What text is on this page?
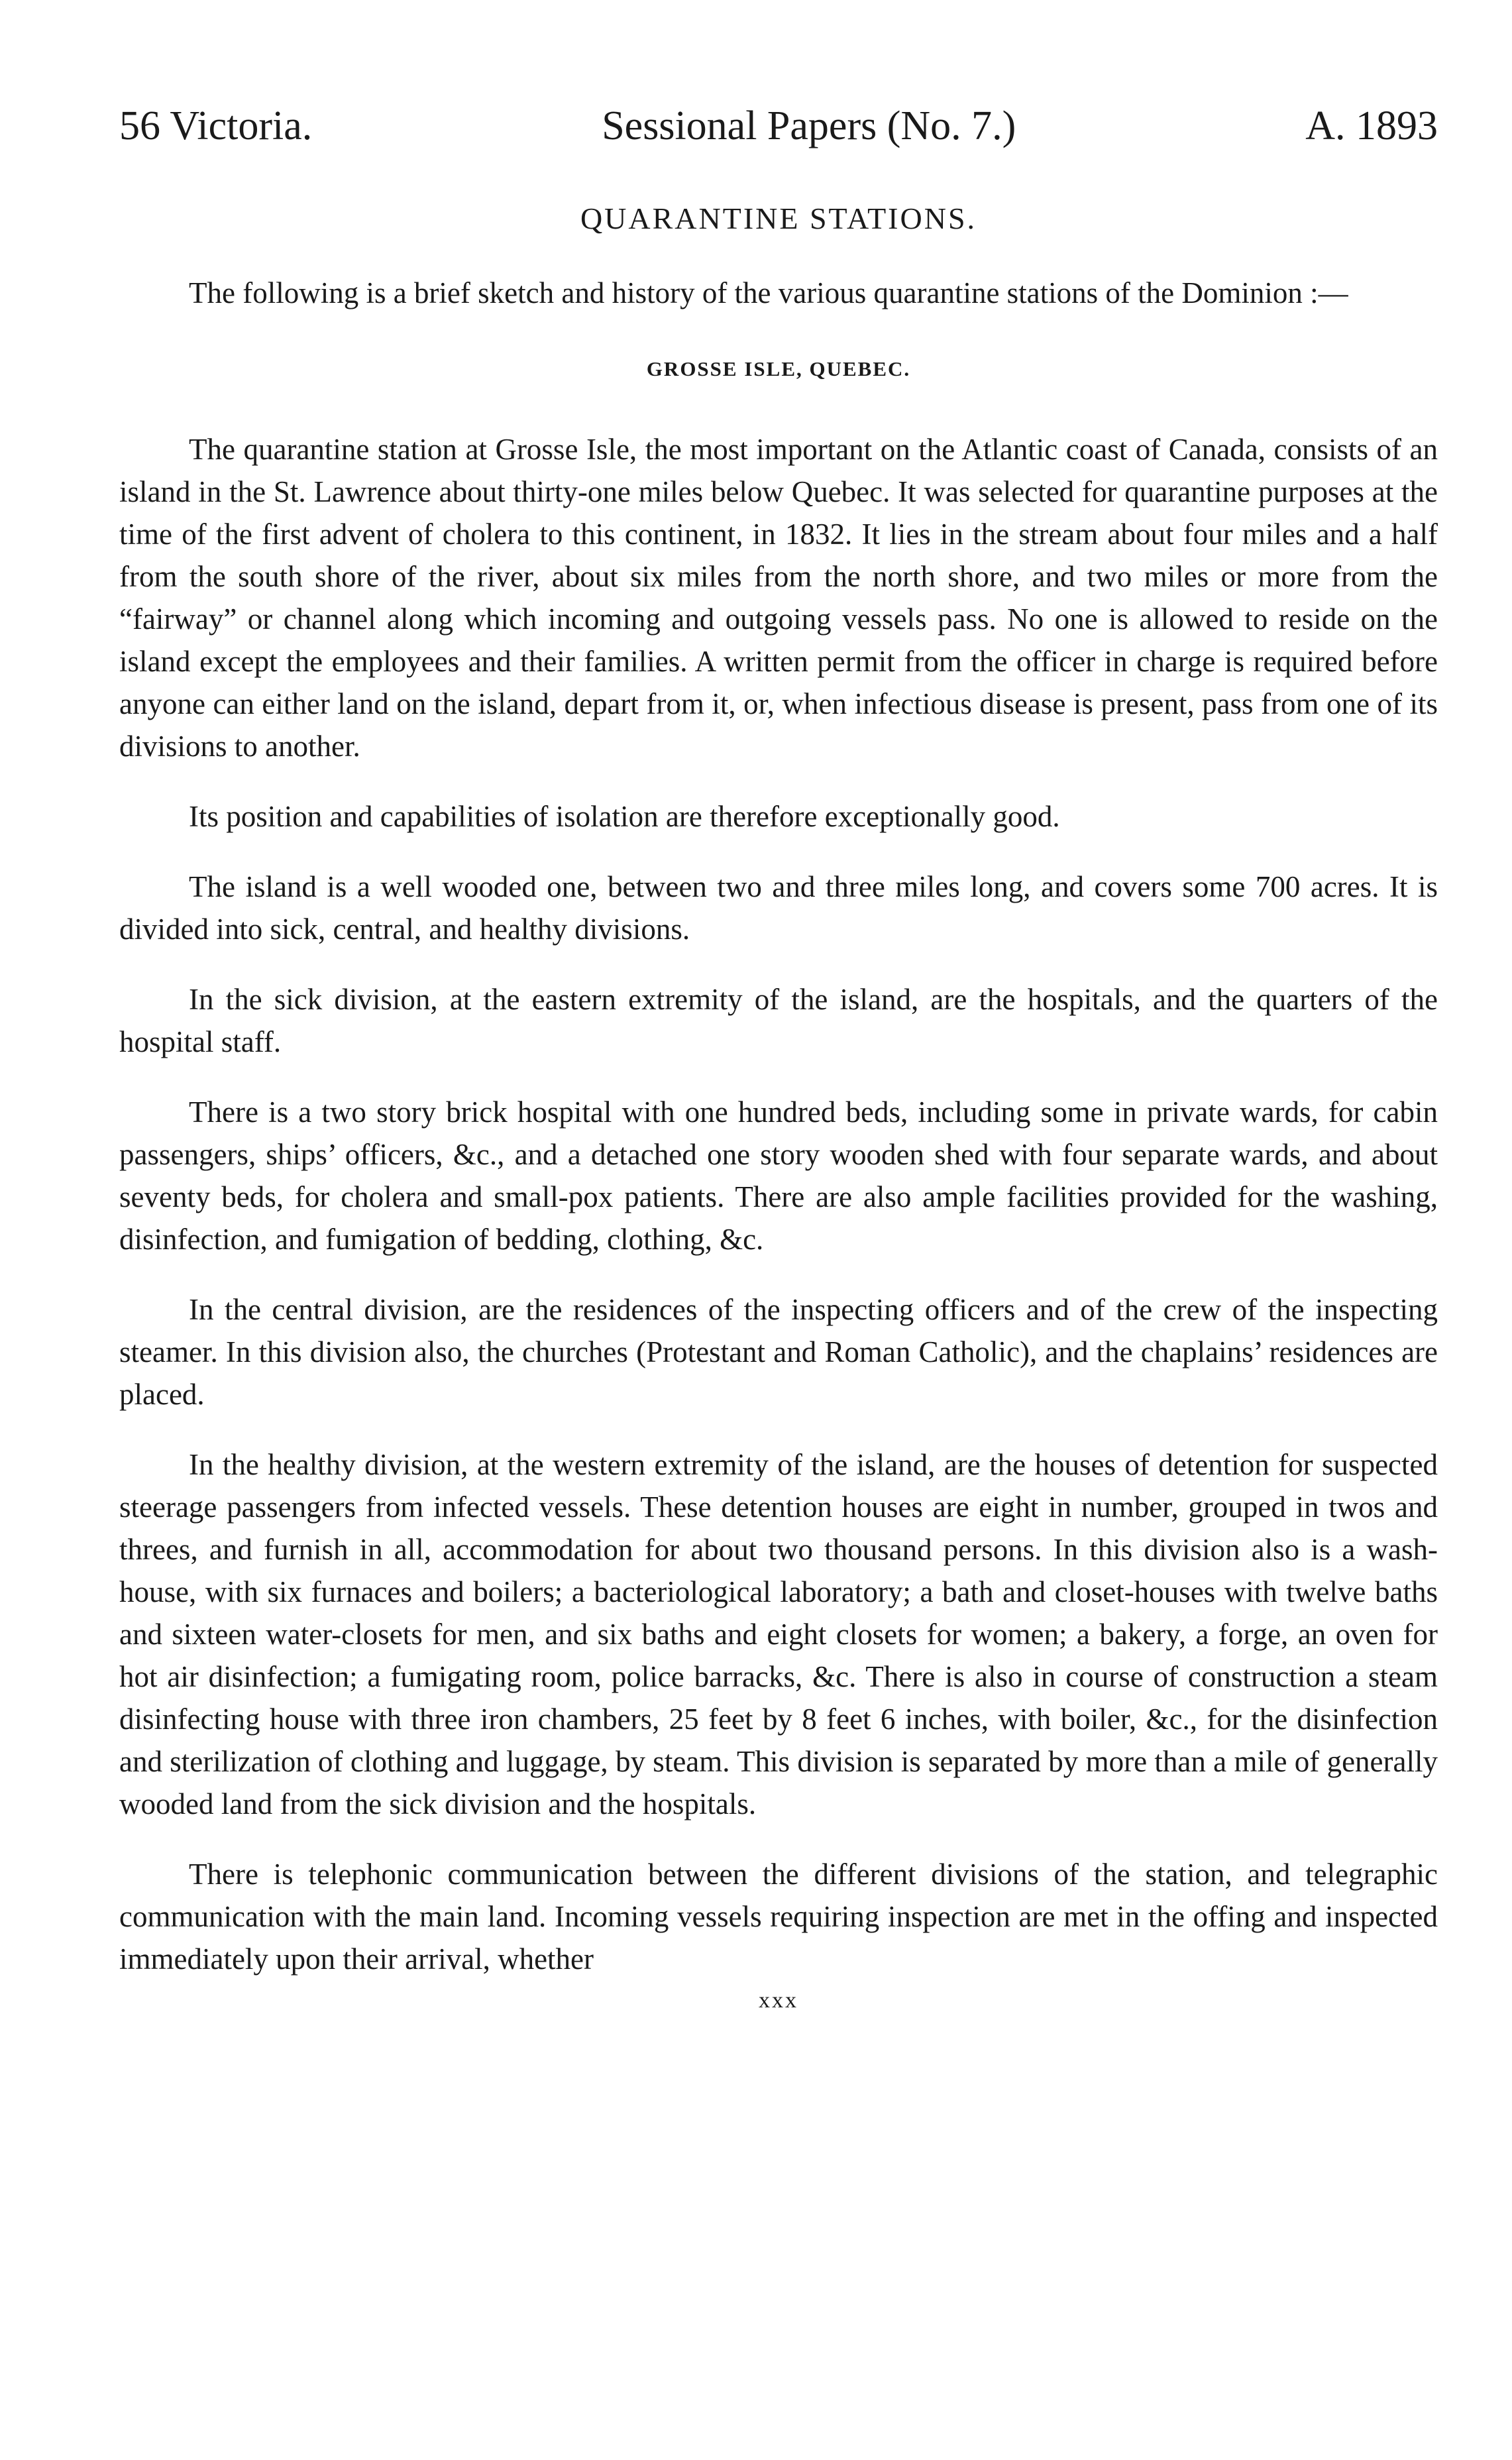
56 Victoria.	Sessional Papers (No. 7.)	A. 1893
QUARANTINE STATIONS.

The following is a brief sketch and history of the various quarantine stations of the Dominion :—

GROSSE ISLE, QUEBEC.

The quarantine station at Grosse Isle, the most important on the Atlantic coast of Canada, consists of an island in the St. Lawrence about thirty-one miles below Quebec. It was selected for quarantine purposes at the time of the first advent of cholera to this continent, in 1832. It lies in the stream about four miles and a half from the south shore of the river, about six miles from the north shore, and two miles or more from the “fairway” or channel along which incoming and outgoing vessels pass. No one is allowed to reside on the island except the employees and their families. A written permit from the officer in charge is required before anyone can either land on the island, depart from it, or, when infectious disease is present, pass from one of its divisions to another.

Its position and capabilities of isolation are therefore exceptionally good.

The island is a well wooded one, between two and three miles long, and covers some 700 acres. It is divided into sick, central, and healthy divisions.

In the sick division, at the eastern extremity of the island, are the hospitals, and the quarters of the hospital staff.

There is a two story brick hospital with one hundred beds, including some in private wards, for cabin passengers, ships’ officers, &c., and a detached one story wooden shed with four separate wards, and about seventy beds, for cholera and small-pox patients. There are also ample facilities provided for the washing, disinfection, and fumigation of bedding, clothing, &c.

In the central division, are the residences of the inspecting officers and of the crew of the inspecting steamer. In this division also, the churches (Protestant and Roman Catholic), and the chaplains’ residences are placed.

In the healthy division, at the western extremity of the island, are the houses of detention for suspected steerage passengers from infected vessels. These detention houses are eight in number, grouped in twos and threes, and furnish in all, accommodation for about two thousand persons. In this division also is a wash-house, with six furnaces and boilers; a bacteriological laboratory; a bath and closet-houses with twelve baths and sixteen water-closets for men, and six baths and eight closets for women; a bakery, a forge, an oven for hot air disinfection; a fumigating room, police barracks, &c. There is also in course of construction a steam disinfecting house with three iron chambers, 25 feet by 8 feet 6 inches, with boiler, &c., for the disinfection and sterilization of clothing and luggage, by steam. This division is separated by more than a mile of generally wooded land from the sick division and the hospitals.

There is telephonic communication between the different divisions of the station, and telegraphic communication with the main land. Incoming vessels requiring inspection are met in the offing and inspected immediately upon their arrival, whether

xxx
